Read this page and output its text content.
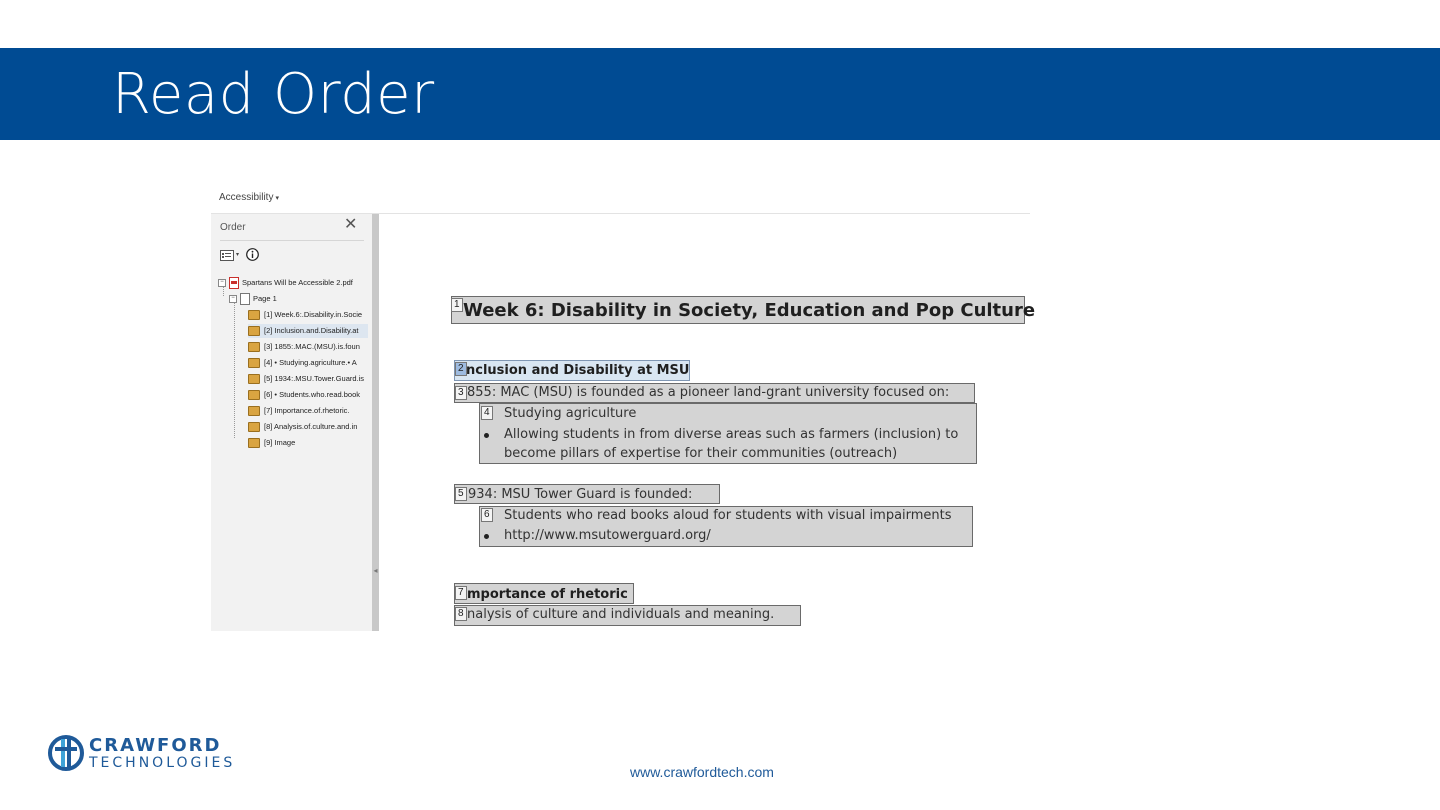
Read Order
Accessibility ▾
Order	✕
▾
− Spartans Will be Accessible 2.pdf
− Page 1
[1] Week.6:.Disability.in.Socie
[2] Inclusion.and.Disability.at
[3] 1855:.MAC.(MSU).is.foun
[4] • Studying.agriculture.• A
[5] 1934:.MSU.Tower.Guard.is
[6] • Students.who.read.book
[7] Importance.of.rhetoric.
[8] Analysis.of.culture.and.in
[9] Image
◂
1 Week 6: Disability in Society, Education and Pop Culture
2 nclusion and Disability at MSU
3 855: MAC (MSU) is founded as a pioneer land-grant university focused on:
4 Studying agriculture
Allowing students in from diverse areas such as farmers (inclusion) to
become pillars of expertise for their communities (outreach)
5 934: MSU Tower Guard is founded:
6 Students who read books aloud for students with visual impairments
http://www.msutowerguard.org/
7 mportance of rhetoric
8 nalysis of culture and individuals and meaning.
CRAWFORD
TECHNOLOGIES
www.crawfordtech.com
